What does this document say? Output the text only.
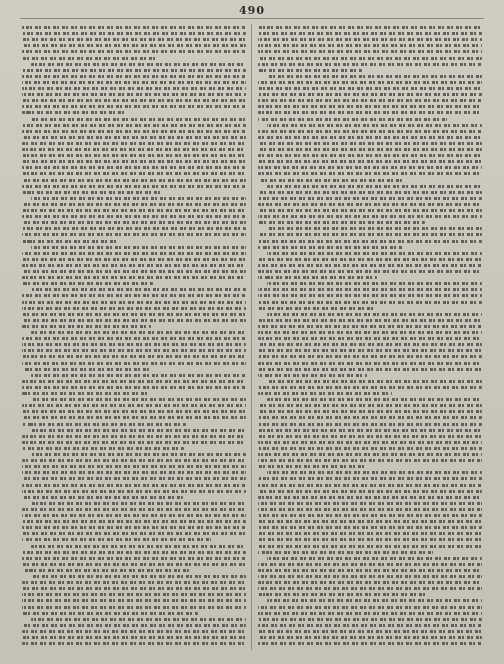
490
